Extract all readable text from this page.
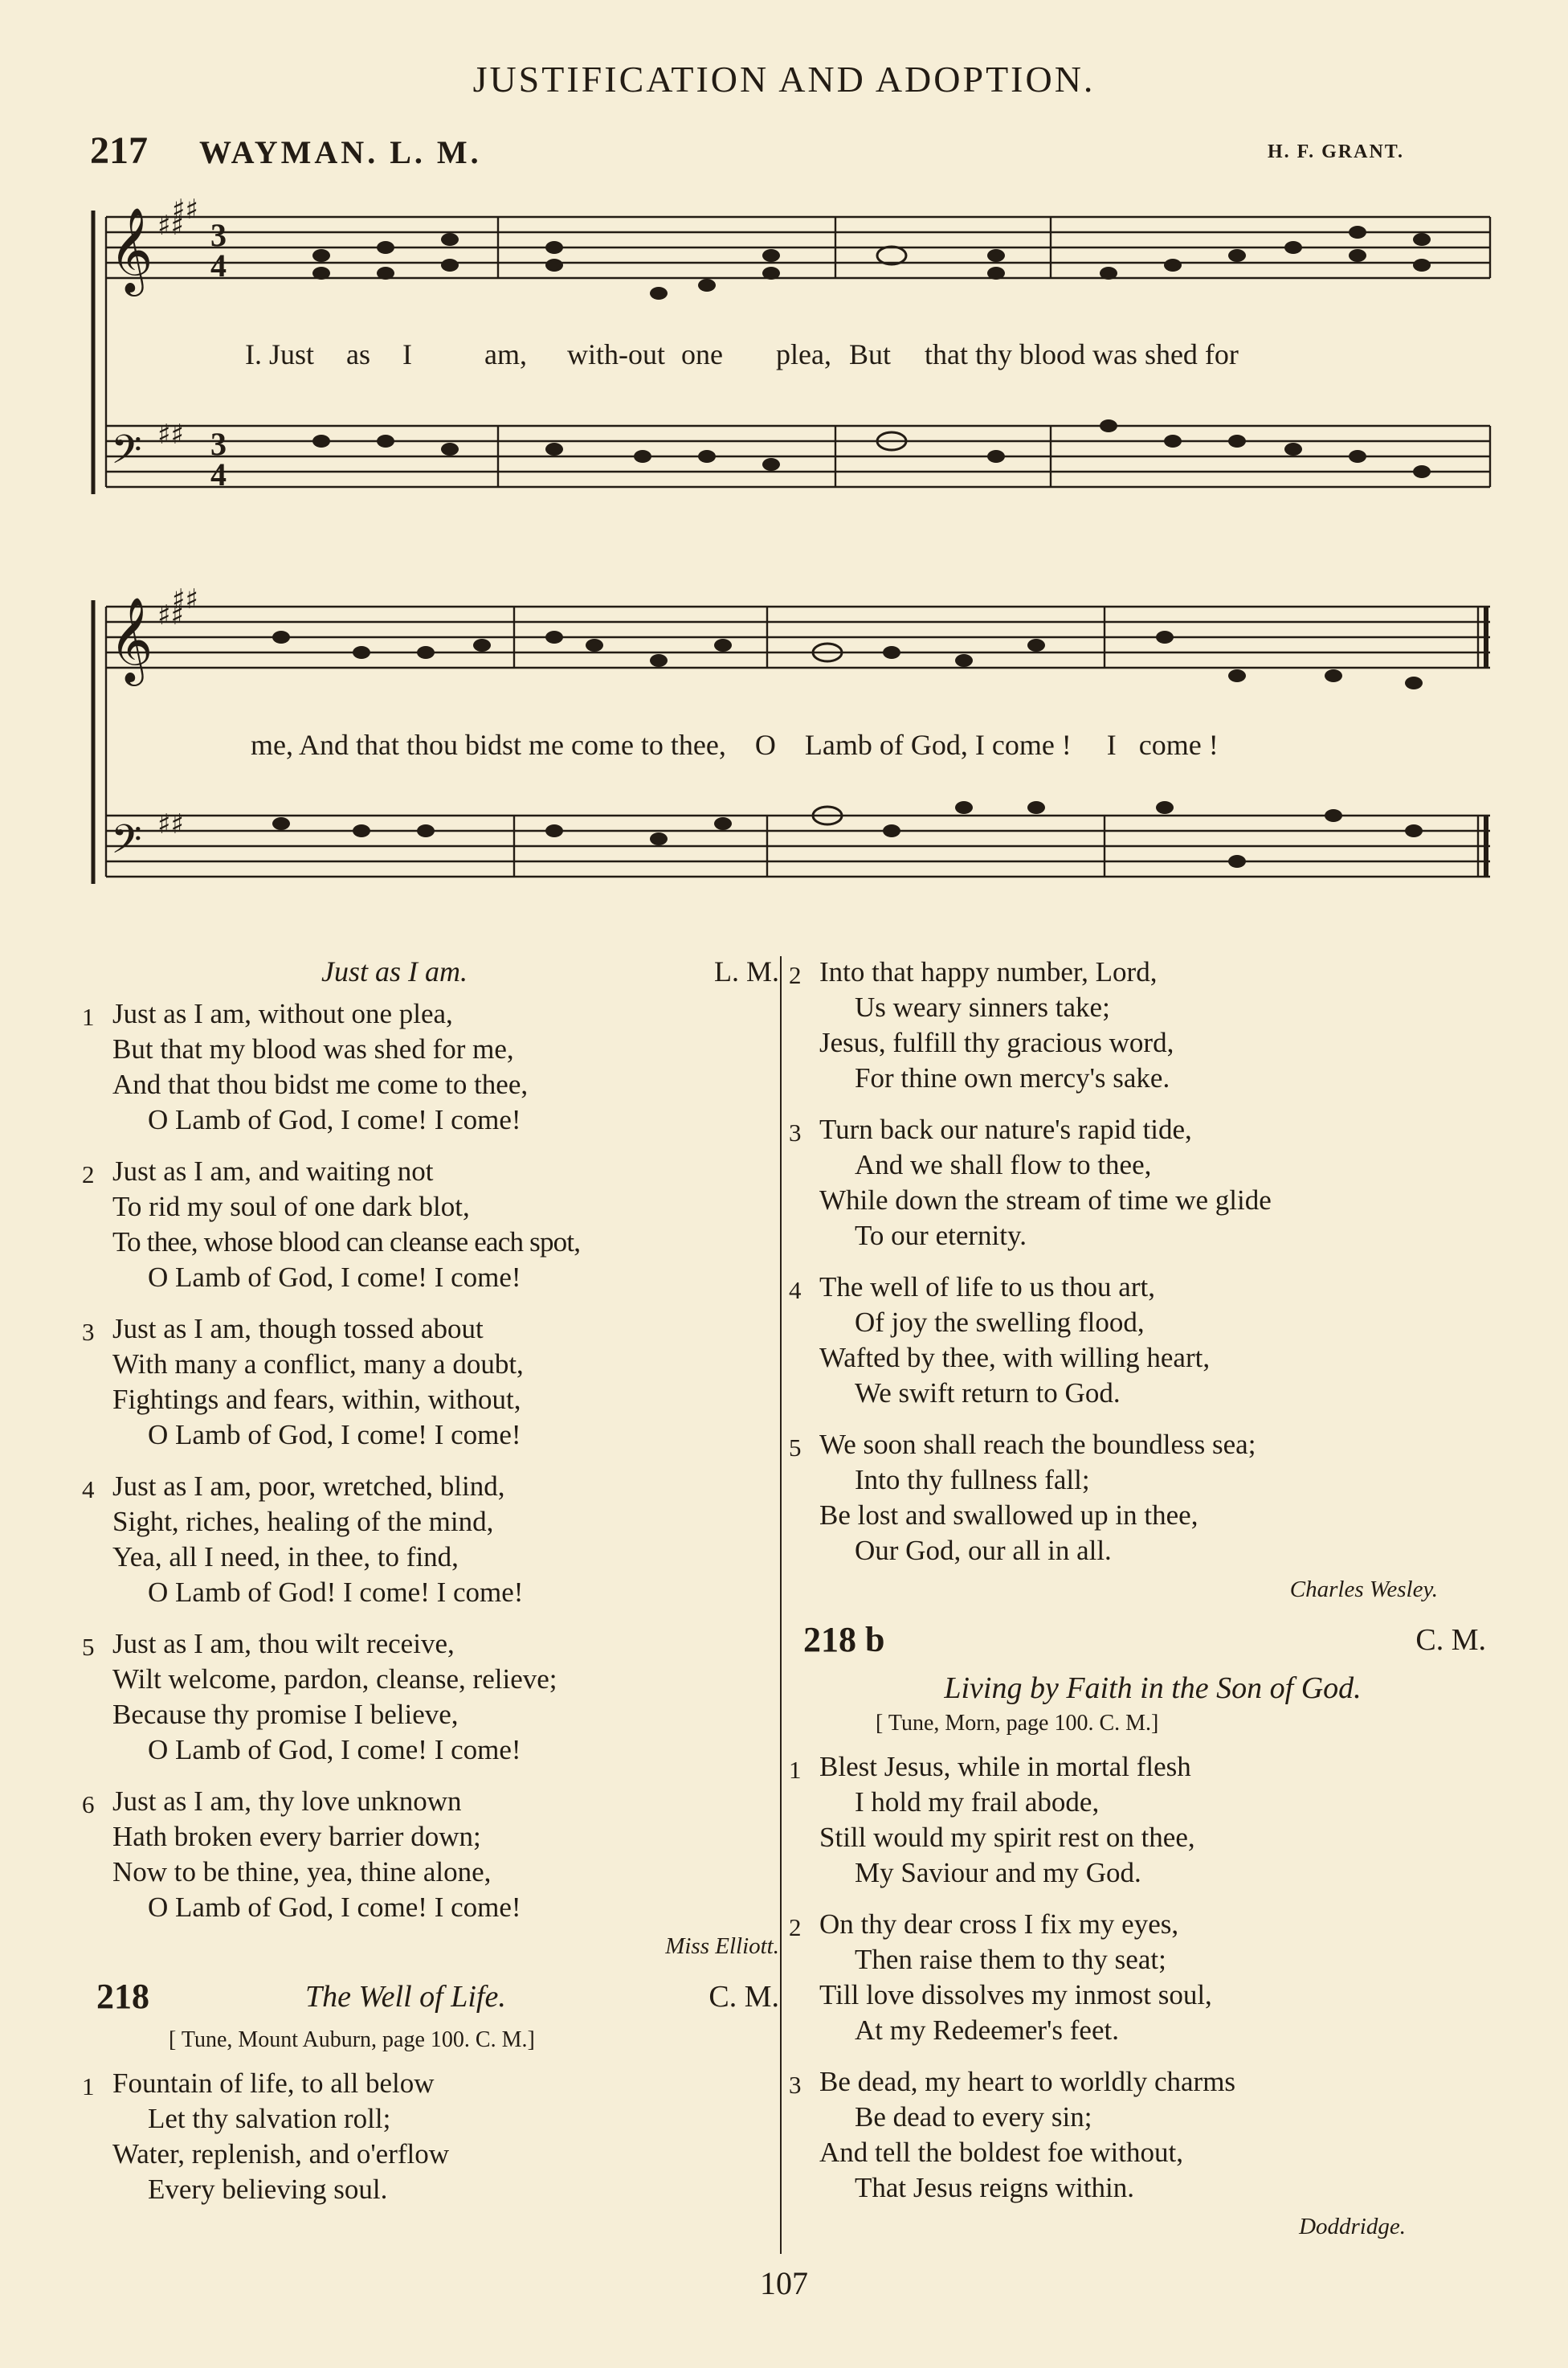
JUSTIFICATION AND ADOPTION.
217 WAYMAN. L. M.	H. F. GRANT.
𝄞
𝄢
𝄞
𝄢
♯♯
♯♯
♯♯
♯♯
♯♯
♯♯
3
4
3
4
I. Just as I	am, with-out one plea, But that thy blood was shed for
me, And that thou bidst me come to thee, O Lamb of God, I come ! I come !
Just as I am.	L. M.
1 Just as I am, without one plea,
But that my blood was shed for me,
And that thou bidst me come to thee,
O Lamb of God, I come! I come!
2 Just as I am, and waiting not
To rid my soul of one dark blot,
To thee, whose blood can cleanse each spot,
O Lamb of God, I come! I come!
3 Just as I am, though tossed about
With many a conflict, many a doubt,
Fightings and fears, within, without,
O Lamb of God, I come! I come!
4 Just as I am, poor, wretched, blind,
Sight, riches, healing of the mind,
Yea, all I need, in thee, to find,
O Lamb of God! I come! I come!
5 Just as I am, thou wilt receive,
Wilt welcome, pardon, cleanse, relieve;
Because thy promise I believe,
O Lamb of God, I come! I come!
6 Just as I am, thy love unknown
Hath broken every barrier down;
Now to be thine, yea, thine alone,
O Lamb of God, I come! I come!
Miss Elliott.
218	The Well of Life.	C. M.
[ Tune, Mount Auburn, page 100. C. M.]
1 Fountain of life, to all below
Let thy salvation roll;
Water, replenish, and o'erflow
Every believing soul.
2 Into that happy number, Lord,
Us weary sinners take;
Jesus, fulfill thy gracious word,
For thine own mercy's sake.
3 Turn back our nature's rapid tide,
And we shall flow to thee,
While down the stream of time we glide
To our eternity.
4 The well of life to us thou art,
Of joy the swelling flood,
Wafted by thee, with willing heart,
We swift return to God.
5 We soon shall reach the boundless sea;
Into thy fullness fall;
Be lost and swallowed up in thee,
Our God, our all in all.
Charles Wesley.
218 b	C. M.
Living by Faith in the Son of God.
[ Tune, Morn, page 100. C. M.]
1 Blest Jesus, while in mortal flesh
I hold my frail abode,
Still would my spirit rest on thee,
My Saviour and my God.
2 On thy dear cross I fix my eyes,
Then raise them to thy seat;
Till love dissolves my inmost soul,
At my Redeemer's feet.
3 Be dead, my heart to worldly charms
Be dead to every sin;
And tell the boldest foe without,
That Jesus reigns within.
Doddridge.
107
